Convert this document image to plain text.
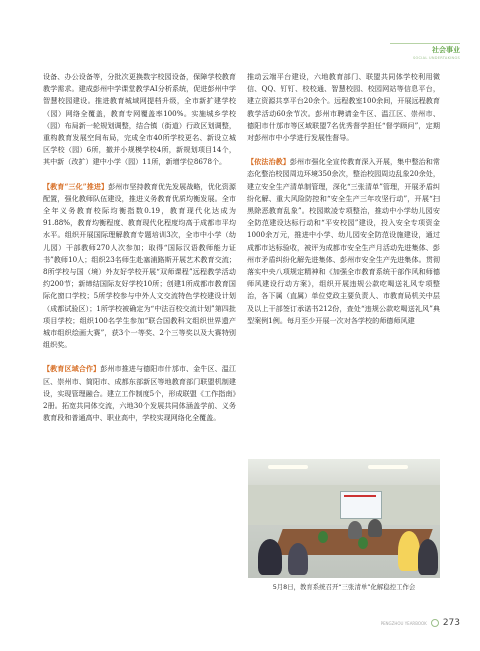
社会事业
SOCIAL UNDERTAKINGS

设备、办公设备等，分批次更换数字校园设备，保障学校教育教学需求。建成彭州中学课堂教学AI分析系统，促进彭州中学智慧校园建设。推进教育城域网提档升级，全市新扩建学校（园）网络全覆盖，教育专网覆盖率100%。实施城乡学校（园）布局新一轮规划调整，结合镇（街道）行政区划调整，重构教育发展空间布局，完成全市40所学校更名、新设立城区学校（园）6所，撤并小规模学校4所，新规划项目14个，其中新（改扩）建中小学（园）11所，新增学位8678个。

【教育“三化”推进】彭州市坚持教育优先发展战略，优化资源配置，强化教师队伍建设，推进义务教育优质均衡发展。全市全年义务教育校际均衡指数0.19，教育现代化达成为91.88%，教育均衡程度、教育现代化程度均高于成都市平均水平。组织开展国际理解教育专题培训3次，全市中小学（幼儿园）干部教师270人次参加；取得“国际汉语教师能力证书”教师10人；组织23名师生赴塞浦路斯开展艺术教育交流；8所学校与国（境）外友好学校开展“双师课程”远程教学活动约200节；新缔结国际友好学校10所；创建1所成都市教育国际化窗口学校；5所学校参与中外人文交流特色学校建设计划（成都试验区）；1所学校被确定为“中法百校交流计划”第四批项目学校；组织100名学生参加“联合国教科文组织世界遗产城市组织绘画大赛”，获3个一等奖、2个三等奖以及大赛特别组织奖。

【教育区域合作】彭州市推进与德阳市什邡市、金牛区、温江区、崇州市、简阳市、成都东部新区等地教育部门联盟机制建设，实现管理融合。建立工作制度5个，形成联盟《工作指南》2册。拓宽共同体交流，六地30个发展共同体涵盖学前、义务教育段和普通高中、职业高中，学校实现网络化全覆盖。

推动云端平台建设，六地教育部门、联盟共同体学校利用微信、QQ、钉钉、校校通、智慧校园、校园网站等信息平台，建立资源共享平台20余个。远程教室100余间，开展远程教育教学活动60余节次。彭州市聘请金牛区、温江区、崇州市、德阳市什邡市等区域联盟7名优秀督学担任“督学顾问”，定期对彭州市中小学进行发展性督导。

【依法治教】彭州市强化全宣传教育深入开展，集中整治和常态化整治校园周边环境350余次，整治校园周边乱象20余处，建立安全生产清单制管理，深化“三张清单”管理，开展矛盾纠纷化解、重大风险防控和“安全生产三年攻坚行动”，开展“扫黑除恶教育乱象”。校园欺凌专项整治，推动中小学幼儿园安全防范建设达标行动和“平安校园”建设，投入安全专项资金1000余万元，推进中小学、幼儿园安全防范设施建设，通过成都市达标验收，被评为成都市安全生产月活动先进集体、彭州市矛盾纠纷化解先进集体、彭州市安全生产先进集体。贯彻落实中央八项规定精神和《加强全市教育系统干部作风和师德师风建设行动方案》，组织开展违规公款吃喝送礼风专项整治，各下属（直属）单位党政主要负责人、市教育局机关中层及以上干部签订承诺书212份，查处“违规公款吃喝送礼风”典型案例1例。每月至少开展一次对各学校的师德师风建

5月8日，教育系统召开“三张清单”化解稳控工作会
PENGZHOU YEARBOOK 273
